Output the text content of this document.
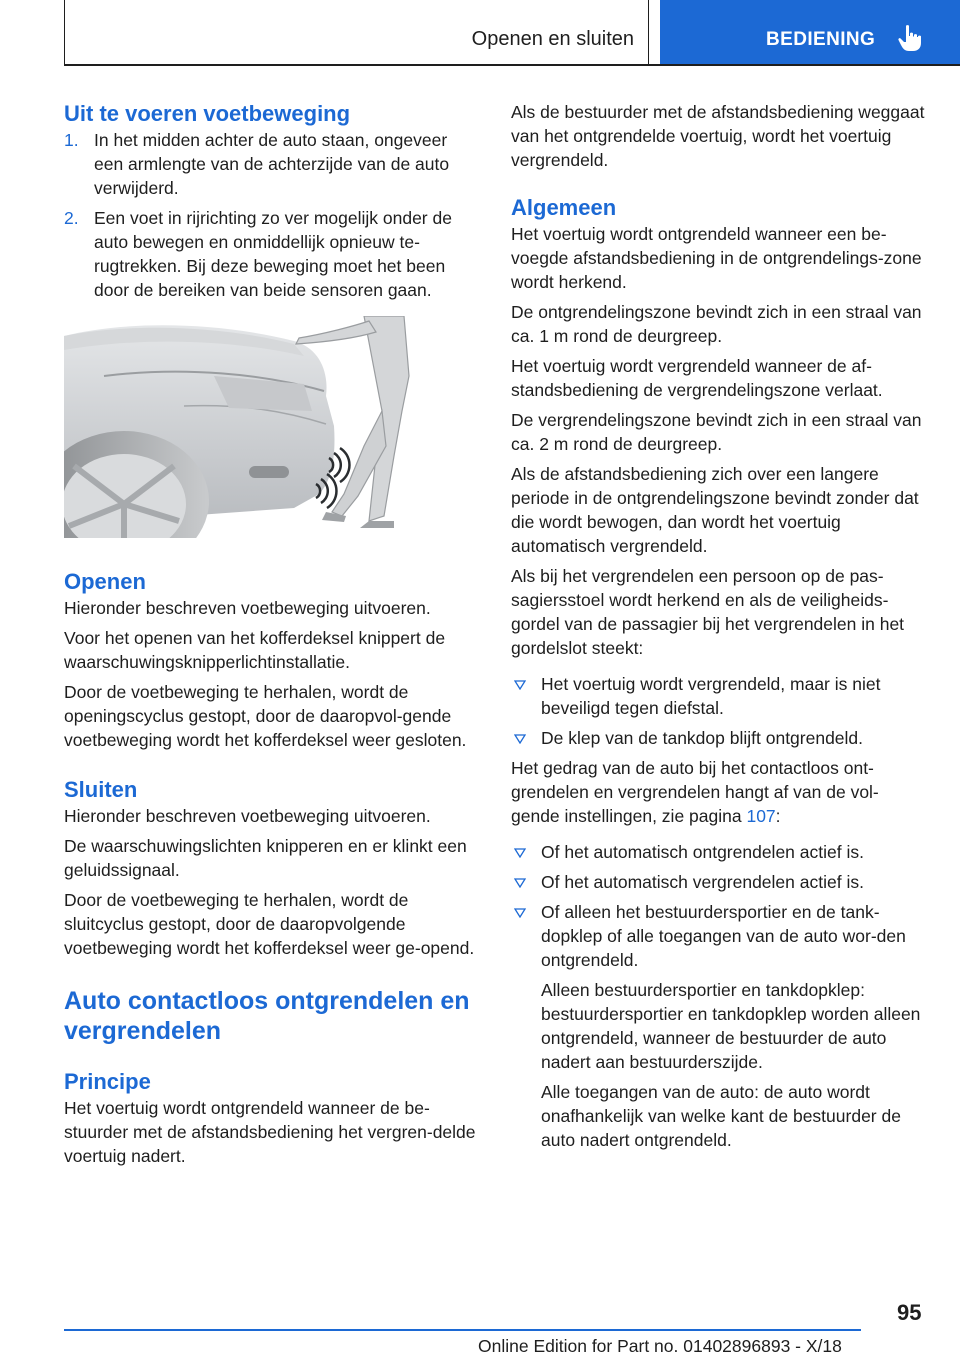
Openen en sluiten	BEDIENING
Uit te voeren voetbeweging
1. In het midden achter de auto staan, ongeveer een armlengte van de achterzijde van de auto verwijderd.
2. Een voet in rijrichting zo ver mogelijk onder de auto bewegen en onmiddellijk opnieuw te-rugtrekken. Bij deze beweging moet het been door de bereiken van beide sensoren gaan.
Openen

Hieronder beschreven voetbeweging uitvoeren.

Voor het openen van het kofferdeksel knippert de waarschuwingsknipperlichtinstallatie.

Door de voetbeweging te herhalen, wordt de openingscyclus gestopt, door de daaropvol-gende voetbeweging wordt het kofferdeksel weer gesloten.

Sluiten

Hieronder beschreven voetbeweging uitvoeren.

De waarschuwingslichten knipperen en er klinkt een geluidssignaal.

Door de voetbeweging te herhalen, wordt de sluitcyclus gestopt, door de daaropvolgende voetbeweging wordt het kofferdeksel weer ge-opend.

Auto contactloos ontgrendelen en vergrendelen
Principe

Het voertuig wordt ontgrendeld wanneer de be-stuurder met de afstandsbediening het vergren-delde voertuig nadert.

Als de bestuurder met de afstandsbediening weggaat van het ontgrendelde voertuig, wordt het voertuig vergrendeld.

Algemeen

Het voertuig wordt ontgrendeld wanneer een be-voegde afstandsbediening in de ontgrendelings-zone wordt herkend.

De ontgrendelingszone bevindt zich in een straal van ca. 1 m rond de deurgreep.

Het voertuig wordt vergrendeld wanneer de af-standsbediening de vergrendelingszone verlaat.

De vergrendelingszone bevindt zich in een straal van ca. 2 m rond de deurgreep.

Als de afstandsbediening zich over een langere periode in de ontgrendelingszone bevindt zonder dat die wordt bewogen, dan wordt het voertuig automatisch vergrendeld.

Als bij het vergrendelen een persoon op de pas-sagiersstoel wordt herkend en als de veiligheids-gordel van de passagier bij het vergrendelen in het gordelslot steekt:

Het voertuig wordt vergrendeld, maar is niet beveiligd tegen diefstal.
De klep van de tankdop blijft ontgrendeld.

Het gedrag van de auto bij het contactloos ont-grendelen en vergrendelen hangt af van de vol-gende instellingen, zie pagina 107:

Of het automatisch ontgrendelen actief is.
Of het automatisch vergrendelen actief is.
Of alleen het bestuurdersportier en de tank-dopklep of alle toegangen van de auto wor-den ontgrendeld.

Alleen bestuurdersportier en tankdopklep: bestuurdersportier en tankdopklep worden alleen ontgrendeld, wanneer de bestuurder de auto nadert aan bestuurderszijde.

Alle toegangen van de auto: de auto wordt onafhankelijk van welke kant de bestuurder de auto nadert ontgrendeld.

95
Online Edition for Part no. 01402896893 - X/18
